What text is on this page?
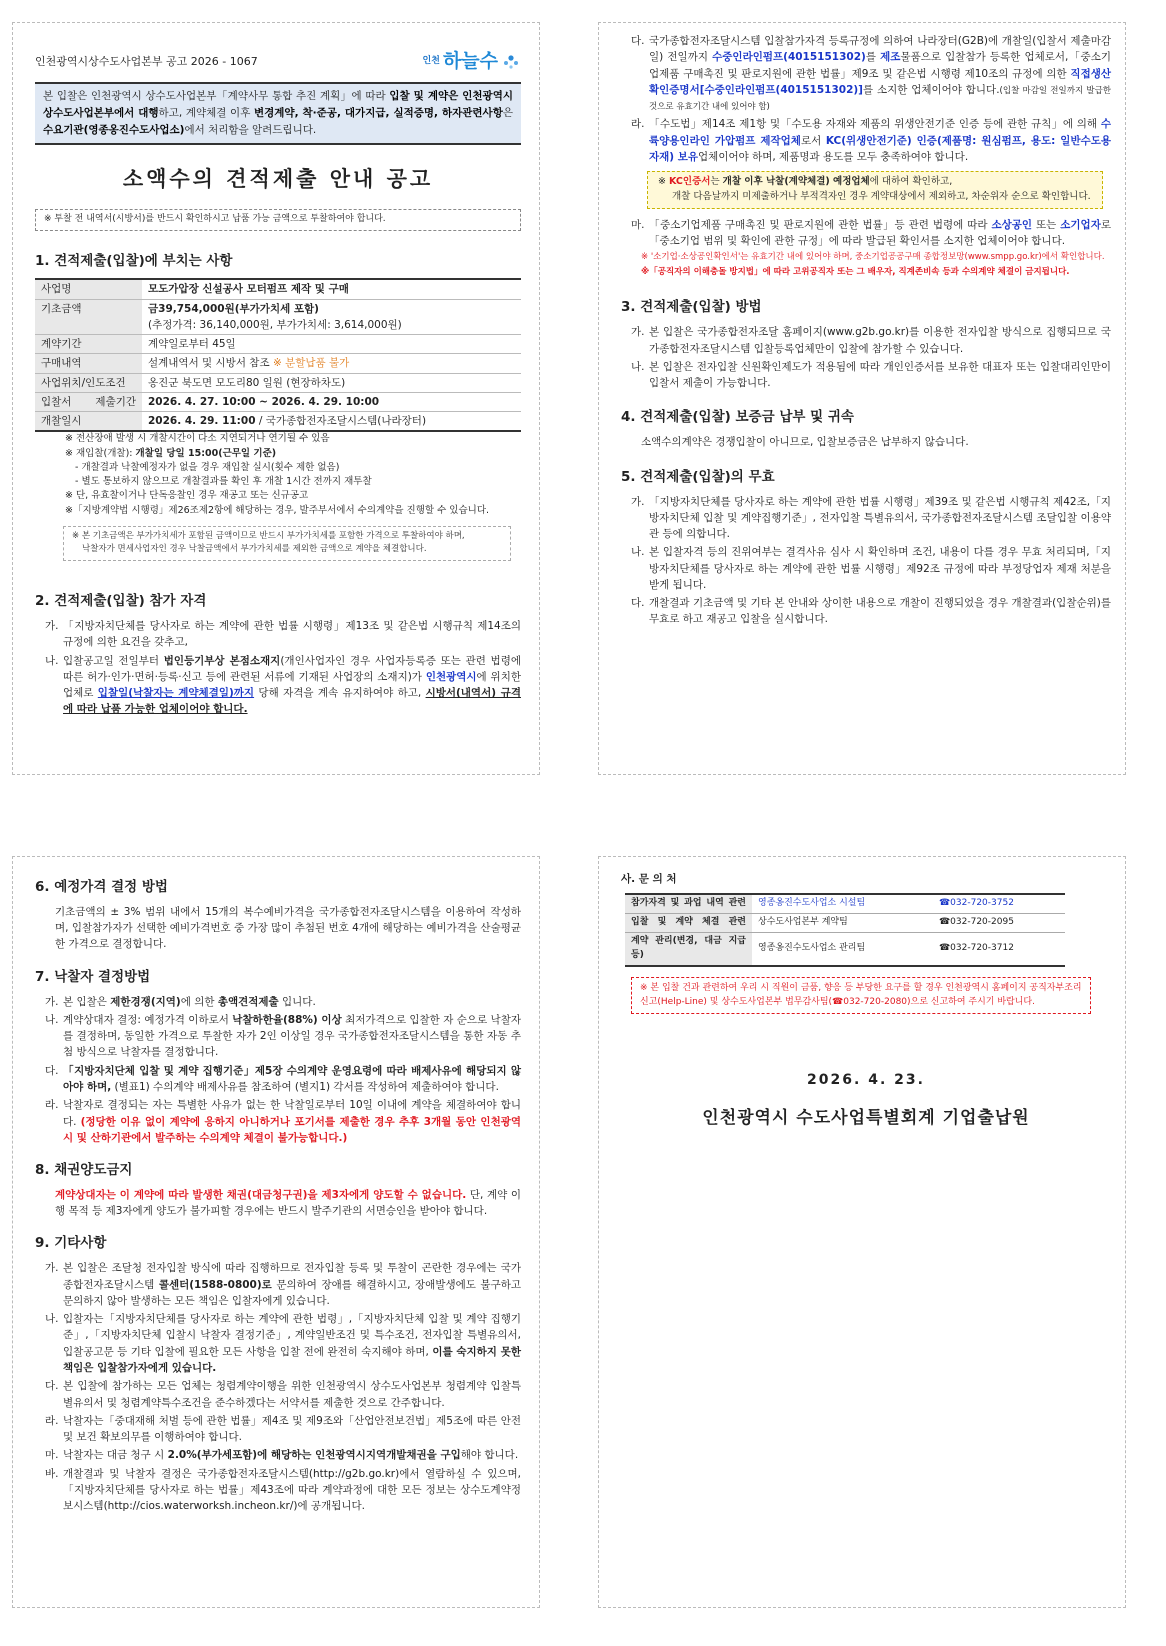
인천광역시상수도사업본부 공고 2026 - 1067	인천 하늘수
본 입찰은 인천광역시 상수도사업본부「계약사무 통합 추진 계획」에 따라 입찰 및 계약은 인천광역시 상수도사업본부에서 대행하고, 계약체결 이후 변경계약, 착·준공, 대가지급, 실적증명, 하자관련사항은 수요기관(영종옹진수도사업소)에서 처리함을 알려드립니다.
소액수의 견적제출 안내 공고
※ 투찰 전 내역서(시방서)를 반드시 확인하시고 납품 가능 금액으로 투찰하여야 합니다.
1. 견적제출(입찰)에 부치는 사항
사업명	모도가압장 신설공사 모터펌프 제작 및 구매
기초금액	금39,754,000원(부가가치세 포함)
(추정가격: 36,140,000원, 부가가치세: 3,614,000원)
계약기간	계약일로부터 45일
구매내역	설계내역서 및 시방서 참조 ※ 분할납품 불가
사업위치/인도조건	옹진군 북도면 모도리80 일원 (현장하차도)
입찰서 제출기간	2026. 4. 27. 10:00 ~ 2026. 4. 29. 10:00
개찰일시	2026. 4. 29. 11:00 / 국가종합전자조달시스템(나라장터)
※ 전산장애 발생 시 개찰시간이 다소 지연되거나 연기될 수 있음
※ 재입찰(개찰): 개찰일 당일 15:00(근무일 기준)
- 개찰결과 낙찰예정자가 없을 경우 재입찰 실시(횟수 제한 없음)
- 별도 통보하지 않으므로 개찰결과를 확인 후 개찰 1시간 전까지 재투찰
※ 단, 유효찰이거나 단독응찰인 경우 재공고 또는 신규공고
※「지방계약법 시행령」제26조제2항에 해당하는 경우, 발주부서에서 수의계약을 진행할 수 있습니다.
※ 본 기초금액은 부가가치세가 포함된 금액이므로 반드시 부가가치세를 포함한 가격으로 투찰하여야 하며,
낙찰자가 면세사업자인 경우 낙찰금액에서 부가가치세를 제외한 금액으로 계약을 체결합니다.
2. 견적제출(입찰) 참가 자격
가. 「지방자치단체를 당사자로 하는 계약에 관한 법률 시행령」제13조 및 같은법 시행규칙 제14조의 규정에 의한 요건을 갖추고,
나. 입찰공고일 전일부터 법인등기부상 본점소재지(개인사업자인 경우 사업자등록증 또는 관련 법령에 따른 허가·인가·면허·등록·신고 등에 관련된 서류에 기재된 사업장의 소재지)가 인천광역시에 위치한 업체로 입찰일(낙찰자는 계약체결일)까지 당해 자격을 계속 유지하여야 하고, 시방서(내역서) 규격에 따라 납품 가능한 업체이어야 합니다.
다. 국가종합전자조달시스템 입찰참가자격 등록규정에 의하여 나라장터(G2B)에 개찰일(입찰서 제출마감일) 전일까지 수중인라인펌프(4015151302)를 제조물품으로 입찰참가 등록한 업체로서,「중소기업제품 구매촉진 및 판로지원에 관한 법률」제9조 및 같은법 시행령 제10조의 규정에 의한 직접생산확인증명서[수중인라인펌프(4015151302)]를 소지한 업체이어야 합니다.(입찰 마감일 전일까지 발급한 것으로 유효기간 내에 있어야 함)
라. 「수도법」제14조 제1항 및「수도용 자재와 제품의 위생안전기준 인증 등에 관한 규칙」에 의해 수륙양용인라인 가압펌프 제작업체로서 KC(위생안전기준) 인증(제품명: 원심펌프, 용도: 일반수도용자재) 보유업체이어야 하며, 제품명과 용도를 모두 충족하여야 합니다.
※ KC인증서는 개찰 이후 낙찰(계약체결) 예정업체에 대하여 확인하고,
개찰 다음날까지 미제출하거나 부적격자인 경우 계약대상에서 제외하고, 차순위자 순으로 확인합니다.
마. 「중소기업제품 구매촉진 및 판로지원에 관한 법률」등 관련 법령에 따라 소상공인 또는 소기업자로「중소기업 범위 및 확인에 관한 규정」에 따라 발급된 확인서를 소지한 업체이어야 합니다.
※ '소기업·소상공인확인서'는 유효기간 내에 있어야 하며, 중소기업공공구매 종합정보망(www.smpp.go.kr)에서 확인합니다.
※「공직자의 이해충돌 방지법」에 따라 고위공직자 또는 그 배우자, 직계존비속 등과 수의계약 체결이 금지됩니다.
3. 견적제출(입찰) 방법
가. 본 입찰은 국가종합전자조달 홈페이지(www.g2b.go.kr)를 이용한 전자입찰 방식으로 집행되므로 국가종합전자조달시스템 입찰등록업체만이 입찰에 참가할 수 있습니다.
나. 본 입찰은 전자입찰 신원확인제도가 적용됨에 따라 개인인증서를 보유한 대표자 또는 입찰대리인만이 입찰서 제출이 가능합니다.
4. 견적제출(입찰) 보증금 납부 및 귀속
소액수의계약은 경쟁입찰이 아니므로, 입찰보증금은 납부하지 않습니다.
5. 견적제출(입찰)의 무효
가. 「지방자치단체를 당사자로 하는 계약에 관한 법률 시행령」제39조 및 같은법 시행규칙 제42조,「지방자치단체 입찰 및 계약집행기준」, 전자입찰 특별유의서, 국가종합전자조달시스템 조달입찰 이용약관 등에 의합니다.
나. 본 입찰자격 등의 진위여부는 결격사유 심사 시 확인하며 조건, 내용이 다를 경우 무효 처리되며,「지방자치단체를 당사자로 하는 계약에 관한 법률 시행령」제92조 규정에 따라 부정당업자 제재 처분을 받게 됩니다.
다. 개찰결과 기초금액 및 기타 본 안내와 상이한 내용으로 개찰이 진행되었을 경우 개찰결과(입찰순위)를 무효로 하고 재공고 입찰을 실시합니다.
6. 예정가격 결정 방법
기초금액의 ± 3% 범위 내에서 15개의 복수예비가격을 국가종합전자조달시스템을 이용하여 작성하며, 입찰참가자가 선택한 예비가격번호 중 가장 많이 추첨된 번호 4개에 해당하는 예비가격을 산술평균한 가격으로 결정합니다.
7. 낙찰자 결정방법
가. 본 입찰은 제한경쟁(지역)에 의한 총액견적제출 입니다.
나. 계약상대자 결정: 예정가격 이하로서 낙찰하한율(88%) 이상 최저가격으로 입찰한 자 순으로 낙찰자를 결정하며, 동일한 가격으로 투찰한 자가 2인 이상일 경우 국가종합전자조달시스템을 통한 자동 추첨 방식으로 낙찰자를 결정합니다.
다. 「지방자치단체 입찰 및 계약 집행기준」제5장 수의계약 운영요령에 따라 배제사유에 해당되지 않아야 하며, (별표1) 수의계약 배제사유를 참조하여 (별지1) 각서를 작성하여 제출하여야 합니다.
라. 낙찰자로 결정되는 자는 특별한 사유가 없는 한 낙찰일로부터 10일 이내에 계약을 체결하여야 합니다. (정당한 이유 없이 계약에 응하지 아니하거나 포기서를 제출한 경우 추후 3개월 동안 인천광역시 및 산하기관에서 발주하는 수의계약 체결이 불가능합니다.)
8. 채권양도금지
계약상대자는 이 계약에 따라 발생한 채권(대금청구권)을 제3자에게 양도할 수 없습니다. 단, 계약 이행 목적 등 제3자에게 양도가 불가피할 경우에는 반드시 발주기관의 서면승인을 받아야 합니다.
9. 기타사항
가. 본 입찰은 조달청 전자입찰 방식에 따라 집행하므로 전자입찰 등록 및 투찰이 곤란한 경우에는 국가종합전자조달시스템 콜센터(1588-0800)로 문의하여 장애를 해결하시고, 장애발생에도 불구하고 문의하지 않아 발생하는 모든 책임은 입찰자에게 있습니다.
나. 입찰자는「지방자치단체를 당사자로 하는 계약에 관한 법령」,「지방자치단체 입찰 및 계약 집행기준」,「지방자치단체 입찰시 낙찰자 결정기준」, 계약일반조건 및 특수조건, 전자입찰 특별유의서, 입찰공고문 등 기타 입찰에 필요한 모든 사항을 입찰 전에 완전히 숙지해야 하며, 이를 숙지하지 못한 책임은 입찰참가자에게 있습니다.
다. 본 입찰에 참가하는 모든 업체는 청렴계약이행을 위한 인천광역시 상수도사업본부 청렴계약 입찰특별유의서 및 청렴계약특수조건을 준수하겠다는 서약서를 제출한 것으로 간주합니다.
라. 낙찰자는「중대재해 처벌 등에 관한 법률」제4조 및 제9조와「산업안전보건법」제5조에 따른 안전 및 보건 확보의무를 이행하여야 합니다.
마. 낙찰자는 대금 청구 시 2.0%(부가세포함)에 해당하는 인천광역시지역개발채권을 구입해야 합니다.
바. 개찰결과 및 낙찰자 결정은 국가종합전자조달시스템(http://g2b.go.kr)에서 열람하실 수 있으며,「지방자치단체를 당사자로 하는 법률」제43조에 따라 계약과정에 대한 모든 정보는 상수도계약정보시스템(http://cios.waterworksh.incheon.kr/)에 공개됩니다.
사. 문 의 처
참가자격 및 과업 내역 관련	영종옹진수도사업소 시설팀	☎032-720-3752
입찰 및 계약 체결 관련	상수도사업본부 계약팀	☎032-720-2095
계약 관리(변경, 대금 지급 등)	영종옹진수도사업소 관리팀	☎032-720-3712
※ 본 입찰 건과 관련하여 우리 시 직원이 금품, 향응 등 부당한 요구를 할 경우 인천광역시 홈페이지 공직자부조리신고(Help-Line) 및 상수도사업본부 법무감사팀(☎032-720-2080)으로 신고하여 주시기 바랍니다.
2026. 4. 23.
인천광역시 수도사업특별회계 기업출납원
